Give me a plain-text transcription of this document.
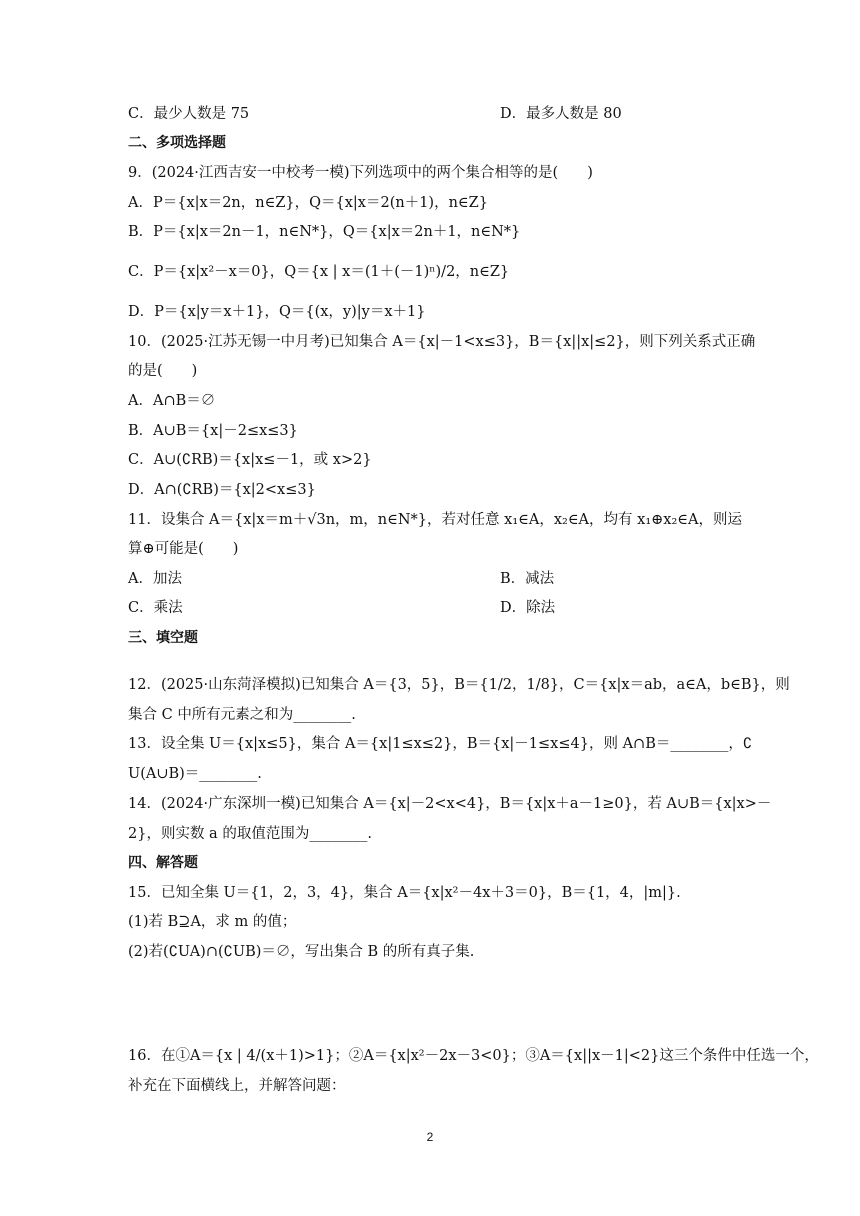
C．最少人数是 75	D．最多人数是 80
二、多项选择题
9．(2024·江西吉安一中校考一模)下列选项中的两个集合相等的是(　　)
A．P＝{x|x＝2n，n∈Z}，Q＝{x|x＝2(n＋1)，n∈Z}
B．P＝{x|x＝2n－1，n∈N*}，Q＝{x|x＝2n＋1，n∈N*}
C．P＝{x|x²－x＝0}，Q＝{x | x＝(1＋(－1)ⁿ)/2，n∈Z}
D．P＝{x|y＝x＋1}，Q＝{(x，y)|y＝x＋1}
10．(2025·江苏无锡一中月考)已知集合 A＝{x|－1<x≤3}，B＝{x||x|≤2}，则下列关系式正确
的是(　　)
A．A∩B＝∅
B．A∪B＝{x|－2≤x≤3}
C．A∪(∁RB)＝{x|x≤－1，或 x>2}
D．A∩(∁RB)＝{x|2<x≤3}
11．设集合 A＝{x|x＝m＋√3n，m，n∈N*}，若对任意 x₁∈A，x₂∈A，均有 x₁⊕x₂∈A，则运
算⊕可能是(　　)
A．加法	B．减法
C．乘法	D．除法
三、填空题
12．(2025·山东菏泽模拟)已知集合 A＝{3，5}，B＝{1/2，1/8}，C＝{x|x＝ab，a∈A，b∈B}，则
集合 C 中所有元素之和为________.
13．设全集 U＝{x|x≤5}，集合 A＝{x|1≤x≤2}，B＝{x|－1≤x≤4}，则 A∩B＝________，∁
U(A∪B)＝________.
14．(2024·广东深圳一模)已知集合 A＝{x|－2<x<4}，B＝{x|x＋a－1≥0}，若 A∪B＝{x|x>－
2}，则实数 a 的取值范围为________.
四、解答题
15．已知全集 U＝{1，2，3，4}，集合 A＝{x|x²－4x＋3＝0}，B＝{1，4，|m|}.
(1)若 B⊇A，求 m 的值；
(2)若(∁UA)∩(∁UB)＝∅，写出集合 B 的所有真子集.
16．在①A＝{x | 4/(x＋1)>1}；②A＝{x|x²－2x－3<0}；③A＝{x||x－1|<2}这三个条件中任选一个，
补充在下面横线上，并解答问题：
2
